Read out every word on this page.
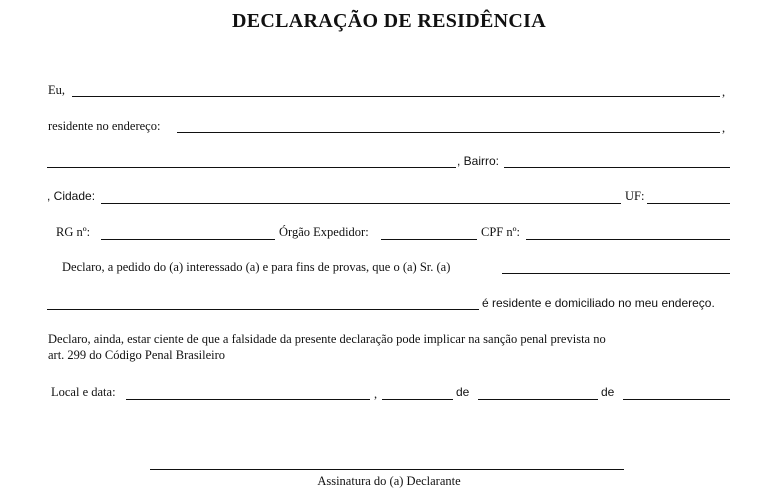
DECLARAÇÃO DE RESIDÊNCIA
Eu,	,
residente no endereço:	,
, Bairro:
, Cidade:	UF:
RG nº:	Órgão Expedidor:	CPF nº:
Declaro, a pedido do (a) interessado (a) e para fins de provas, que o (a) Sr. (a)
é residente e domiciliado no meu endereço.
Declaro, ainda, estar ciente de que a falsidade da presente declaração pode implicar na sanção penal prevista no
art. 299 do Código Penal Brasileiro
Local e data:	,	de	de
Assinatura do (a) Declarante
